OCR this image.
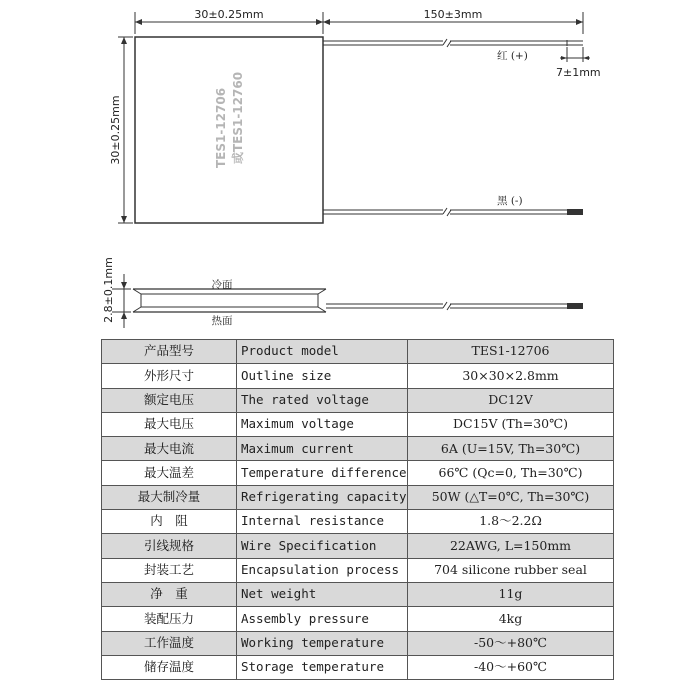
30±0.25mm	150±3mm
30±0.25mm	TES1-12706 或TES1-12760
红 (+)
7±1mm
黑 (-)
2.8±0.1mm	冷面
热面
产品型号	Product model	TES1-12706
外形尺寸	Outline size	30×30×2.8mm
额定电压	The rated voltage	DC12V
最大电压	Maximum voltage	DC15V (Th=30℃)
最大电流	Maximum current	6A (U=15V, Th=30℃)
最大温差	Temperature difference	66℃ (Qc=0, Th=30℃)
最大制冷量	Refrigerating capacity	50W (△T=0℃, Th=30℃)
内　阻	Internal resistance	1.8～2.2Ω
引线规格	Wire Specification	22AWG, L=150mm
封装工艺	Encapsulation process	704 silicone rubber seal
净　重	Net weight	11g
装配压力	Assembly pressure	4kg
工作温度	Working temperature	-50～+80℃
储存温度	Storage temperature	-40～+60℃
